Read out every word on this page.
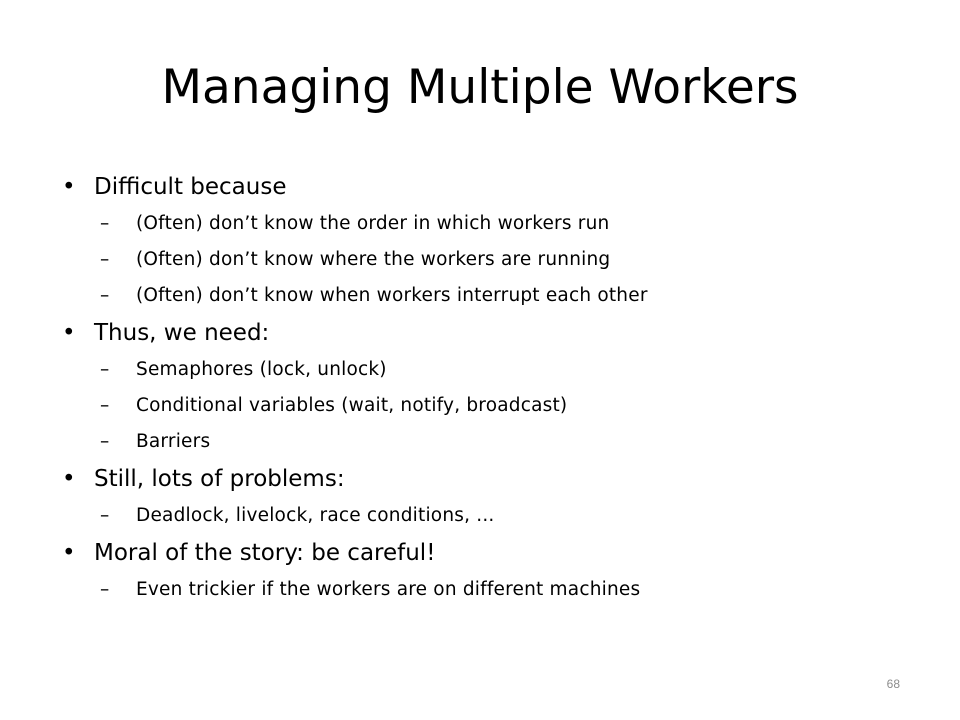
Managing Multiple Workers
• Difficult because
– (Often) don’t know the order in which workers run
– (Often) don’t know where the workers are running
– (Often) don’t know when workers interrupt each other
• Thus, we need:
– Semaphores (lock, unlock)
– Conditional variables (wait, notify, broadcast)
– Barriers
• Still, lots of problems:
– Deadlock, livelock, race conditions, ...
• Moral of the story: be careful!
– Even trickier if the workers are on different machines
68
